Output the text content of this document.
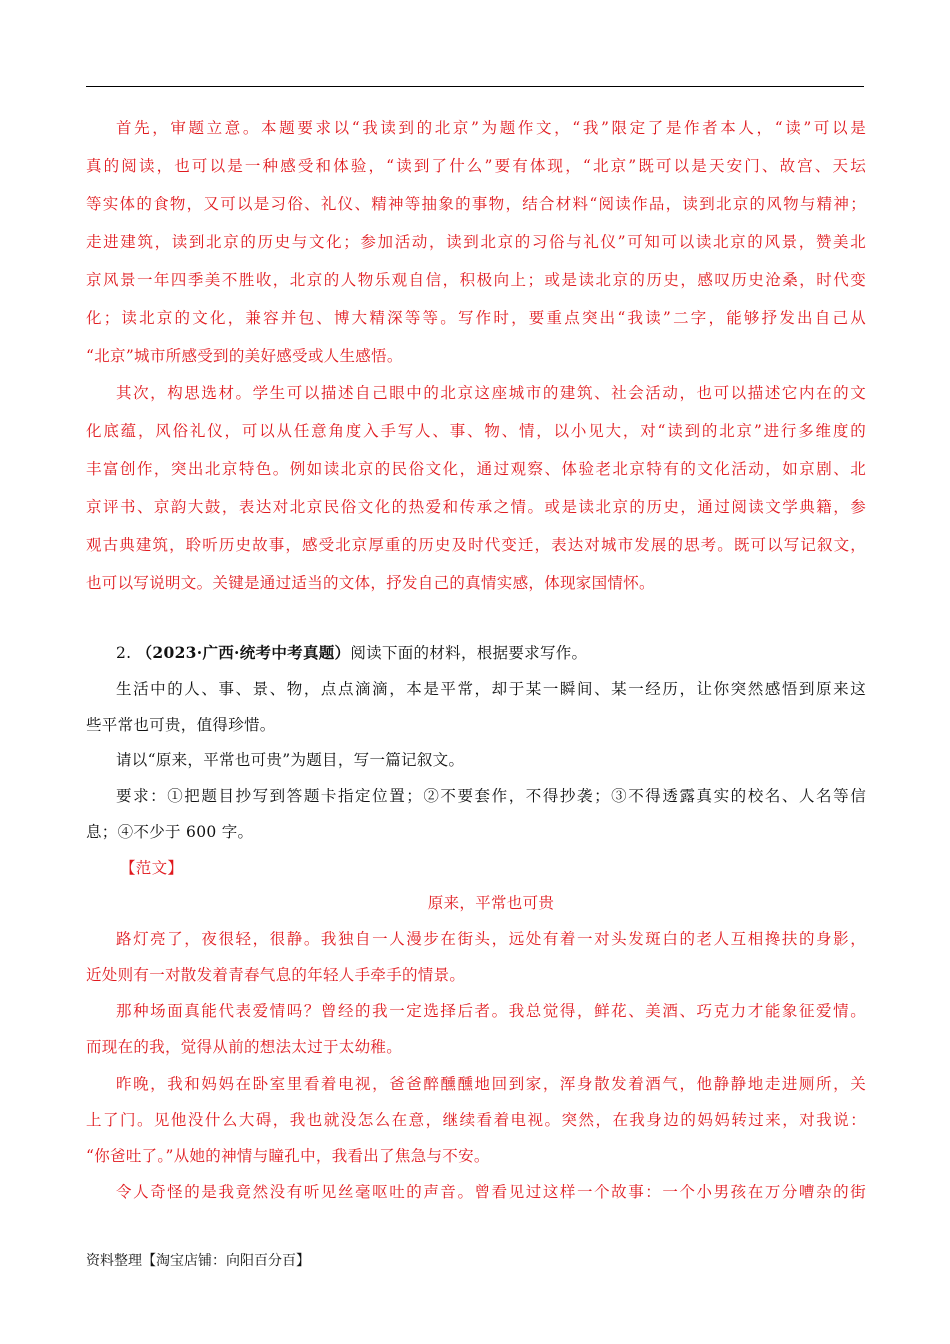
首先，审题立意。本题要求以“我读到的北京”为题作文，“我”限定了是作者本人，“读”可以是
真的阅读，也可以是一种感受和体验，“读到了什么”要有体现，“北京”既可以是天安门、故宫、天坛
等实体的食物，又可以是习俗、礼仪、精神等抽象的事物，结合材料“阅读作品，读到北京的风物与精神；
走进建筑，读到北京的历史与文化；参加活动，读到北京的习俗与礼仪”可知可以读北京的风景，赞美北
京风景一年四季美不胜收，北京的人物乐观自信，积极向上；或是读北京的历史，感叹历史沧桑，时代变
化；读北京的文化，兼容并包、博大精深等等。写作时，要重点突出“我读”二字，能够抒发出自己从
“北京”城市所感受到的美好感受或人生感悟。
其次，构思选材。学生可以描述自己眼中的北京这座城市的建筑、社会活动，也可以描述它内在的文
化底蕴，风俗礼仪，可以从任意角度入手写人、事、物、情，以小见大，对“读到的北京”进行多维度的
丰富创作，突出北京特色。例如读北京的民俗文化，通过观察、体验老北京特有的文化活动，如京剧、北
京评书、京韵大鼓，表达对北京民俗文化的热爱和传承之情。或是读北京的历史，通过阅读文学典籍，参
观古典建筑，聆听历史故事，感受北京厚重的历史及时代变迁，表达对城市发展的思考。既可以写记叙文，
也可以写说明文。关键是通过适当的文体，抒发自己的真情实感，体现家国情怀。
2. （2023·广西·统考中考真题）阅读下面的材料，根据要求写作。
生活中的人、事、景、物，点点滴滴，本是平常，却于某一瞬间、某一经历，让你突然感悟到原来这
些平常也可贵，值得珍惜。
请以“原来，平常也可贵”为题目，写一篇记叙文。
要求：①把题目抄写到答题卡指定位置；②不要套作，不得抄袭；③不得透露真实的校名、人名等信
息；④不少于 600 字。
【范文】
原来，平常也可贵
路灯亮了，夜很轻，很静。我独自一人漫步在街头，远处有着一对头发斑白的老人互相搀扶的身影，
近处则有一对散发着青春气息的年轻人手牵手的情景。
那种场面真能代表爱情吗？曾经的我一定选择后者。我总觉得，鲜花、美酒、巧克力才能象征爱情。
而现在的我，觉得从前的想法太过于太幼稚。
昨晚，我和妈妈在卧室里看着电视，爸爸醉醺醺地回到家，浑身散发着酒气，他静静地走进厕所，关
上了门。见他没什么大碍，我也就没怎么在意，继续看着电视。突然，在我身边的妈妈转过来，对我说：
“你爸吐了。”从她的神情与瞳孔中，我看出了焦急与不安。
令人奇怪的是我竟然没有听见丝毫呕吐的声音。曾看见过这样一个故事：一个小男孩在万分嘈杂的街
资料整理【淘宝店铺：向阳百分百】
